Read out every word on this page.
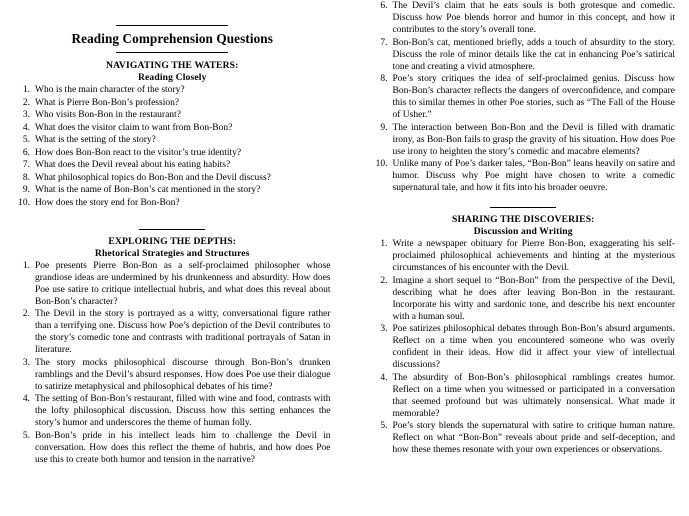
Reading Comprehension Questions
NAVIGATING THE WATERS:
Reading Closely
1. Who is the main character of the story?
2. What is Pierre Bon-Bon’s profession?
3. Who visits Bon-Bon in the restaurant?
4. What does the visitor claim to want from Bon-Bon?
5. What is the setting of the story?
6. How does Bon-Bon react to the visitor’s true identity?
7. What does the Devil reveal about his eating habits?
8. What philosophical topics do Bon-Bon and the Devil discuss?
9. What is the name of Bon-Bon’s cat mentioned in the story?
10. How does the story end for Bon-Bon?
EXPLORING THE DEPTHS:
Rhetorical Strategies and Structures
1. Poe presents Pierre Bon-Bon as a self-proclaimed philosopher whose grandiose ideas are undermined by his drunkenness and absurdity. How does Poe use satire to critique intellectual hubris, and what does this reveal about Bon-Bon’s character?
2. The Devil in the story is portrayed as a witty, conversational figure rather than a terrifying one. Discuss how Poe’s depiction of the Devil contributes to the story’s comedic tone and contrasts with traditional portrayals of Satan in literature.
3. The story mocks philosophical discourse through Bon-Bon’s drunken ramblings and the Devil’s absurd responses. How does Poe use their dialogue to satirize metaphysical and philosophical debates of his time?
4. The setting of Bon-Bon’s restaurant, filled with wine and food, contrasts with the lofty philosophical discussion. Discuss how this setting enhances the story’s humor and underscores the theme of human folly.
5. Bon-Bon’s pride in his intellect leads him to challenge the Devil in conversation. How does this reflect the theme of hubris, and how does Poe use this to create both humor and tension in the narrative?
6. The Devil’s claim that he eats souls is both grotesque and comedic. Discuss how Poe blends horror and humor in this concept, and how it contributes to the story’s overall tone.
7. Bon-Bon’s cat, mentioned briefly, adds a touch of absurdity to the story. Discuss the role of minor details like the cat in enhancing Poe’s satirical tone and creating a vivid atmosphere.
8. Poe’s story critiques the idea of self-proclaimed genius. Discuss how Bon-Bon’s character reflects the dangers of overconfidence, and compare this to similar themes in other Poe stories, such as “The Fall of the House of Usher.”
9. The interaction between Bon-Bon and the Devil is filled with dramatic irony, as Bon-Bon fails to grasp the gravity of his situation. How does Poe use irony to heighten the story’s comedic and macabre elements?
10. Unlike many of Poe’s darker tales, “Bon-Bon” leans heavily on satire and humor. Discuss why Poe might have chosen to write a comedic supernatural tale, and how it fits into his broader oeuvre.
SHARING THE DISCOVERIES:
Discussion and Writing
1. Write a newspaper obituary for Pierre Bon-Bon, exaggerating his self-proclaimed philosophical achievements and hinting at the mysterious circumstances of his encounter with the Devil.
2. Imagine a short sequel to “Bon-Bon” from the perspective of the Devil, describing what he does after leaving Bon-Bon in the restaurant. Incorporate his witty and sardonic tone, and describe his next encounter with a human soul.
3. Poe satirizes philosophical debates through Bon-Bon’s absurd arguments. Reflect on a time when you encountered someone who was overly confident in their ideas. How did it affect your view of intellectual discussions?
4. The absurdity of Bon-Bon’s philosophical ramblings creates humor. Reflect on a time when you witnessed or participated in a conversation that seemed profound but was ultimately nonsensical. What made it memorable?
5. Poe’s story blends the supernatural with satire to critique human nature. Reflect on what “Bon-Bon” reveals about pride and self-deception, and how these themes resonate with your own experiences or observations.
